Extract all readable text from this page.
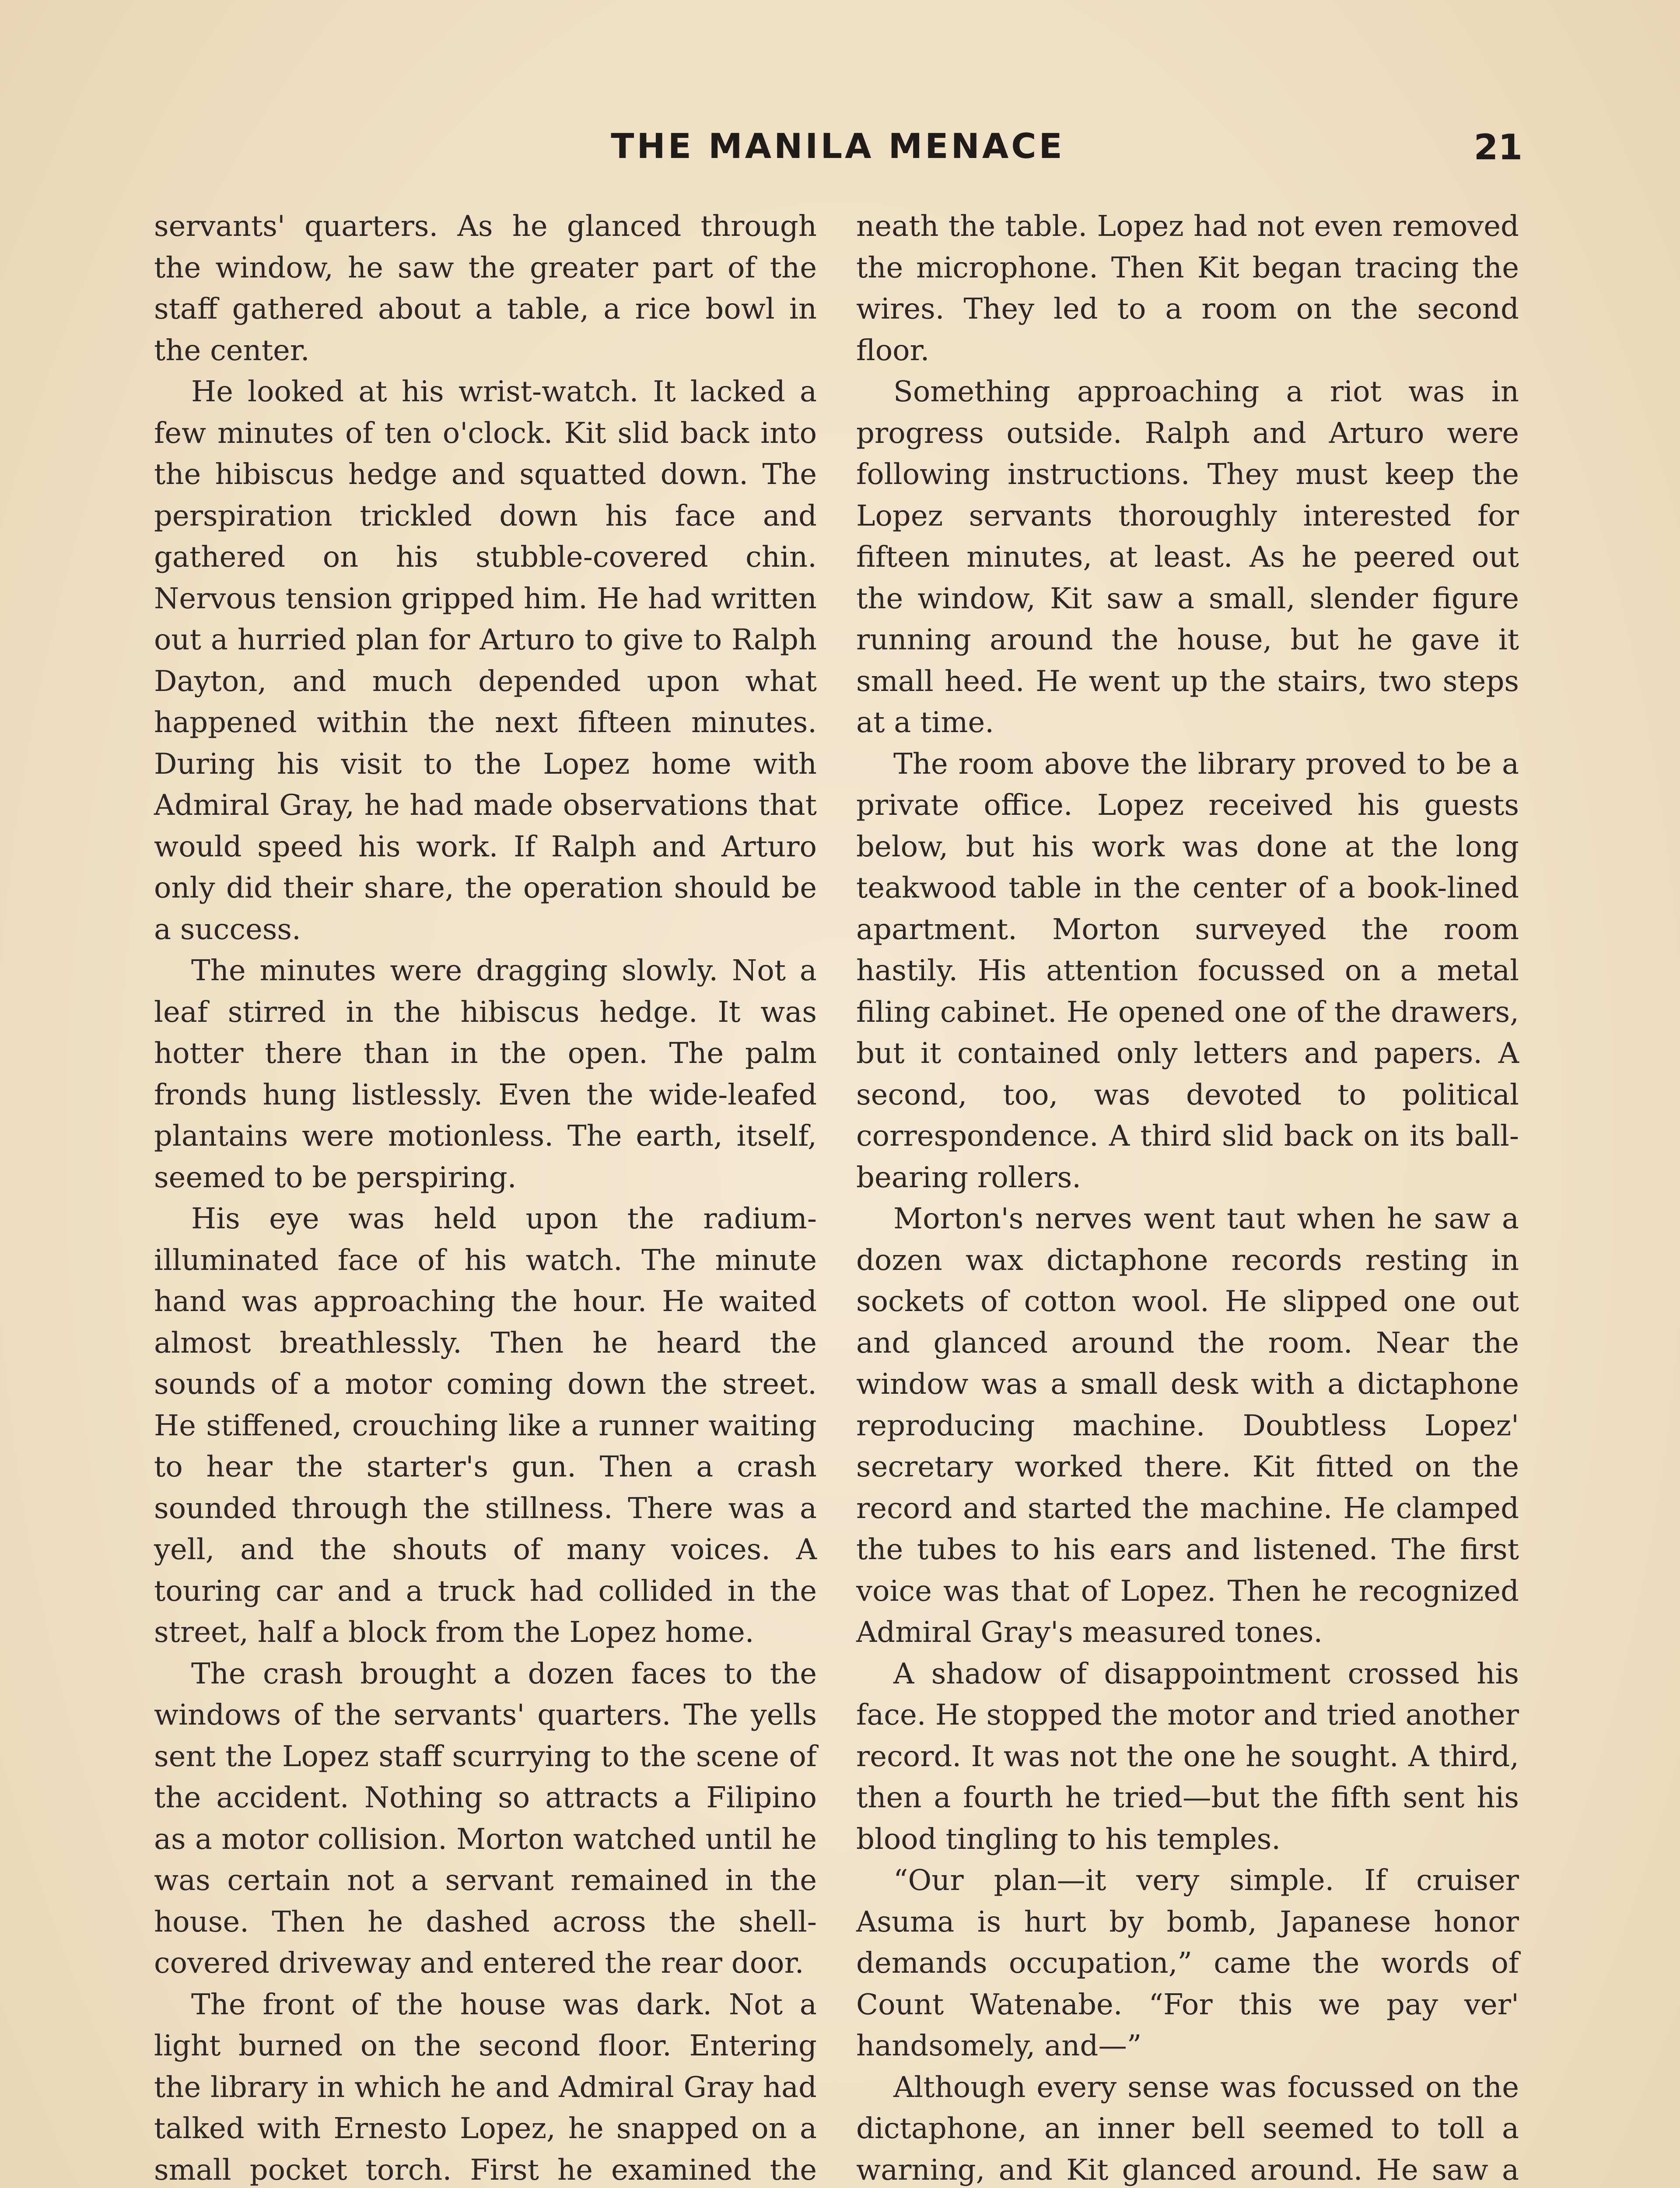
THE MANILA MENACE	21

servants' quarters. As he glanced through the window, he saw the greater part of the staff gathered about a table, a rice bowl in the center.

He looked at his wrist-watch. It lacked a few minutes of ten o'clock. Kit slid back into the hibiscus hedge and squatted down. The perspiration trickled down his face and gathered on his stubble-covered chin. Nervous tension gripped him. He had written out a hurried plan for Arturo to give to Ralph Dayton, and much depended upon what happened within the next fifteen minutes. During his visit to the Lopez home with Admiral Gray, he had made observations that would speed his work. If Ralph and Arturo only did their share, the operation should be a success.

The minutes were dragging slowly. Not a leaf stirred in the hibiscus hedge. It was hotter there than in the open. The palm fronds hung listlessly. Even the wide-leafed plantains were motionless. The earth, itself, seemed to be perspiring.

His eye was held upon the radium-illuminated face of his watch. The minute hand was approaching the hour. He waited almost breathlessly. Then he heard the sounds of a motor coming down the street. He stiffened, crouching like a runner waiting to hear the starter's gun. Then a crash sounded through the stillness. There was a yell, and the shouts of many voices. A touring car and a truck had collided in the street, half a block from the Lopez home.

The crash brought a dozen faces to the windows of the servants' quarters. The yells sent the Lopez staff scurrying to the scene of the accident. Nothing so attracts a Filipino as a motor collision. Morton watched until he was certain not a servant remained in the house. Then he dashed across the shell-covered driveway and entered the rear door.

The front of the house was dark. Not a light burned on the second floor. Entering the library in which he and Admiral Gray had talked with Ernesto Lopez, he snapped on a small pocket torch. First he examined the

neath the table. Lopez had not even removed the microphone. Then Kit began tracing the wires. They led to a room on the second floor.

Something approaching a riot was in progress outside. Ralph and Arturo were following instructions. They must keep the Lopez servants thoroughly interested for fifteen minutes, at least. As he peered out the window, Kit saw a small, slender figure running around the house, but he gave it small heed. He went up the stairs, two steps at a time.

The room above the library proved to be a private office. Lopez received his guests below, but his work was done at the long teakwood table in the center of a book-lined apartment. Morton surveyed the room hastily. His attention focussed on a metal filing cabinet. He opened one of the drawers, but it contained only letters and papers. A second, too, was devoted to political correspondence. A third slid back on its ball-bearing rollers.

Morton's nerves went taut when he saw a dozen wax dictaphone records resting in sockets of cotton wool. He slipped one out and glanced around the room. Near the window was a small desk with a dictaphone reproducing machine. Doubtless Lopez' secretary worked there. Kit fitted on the record and started the machine. He clamped the tubes to his ears and listened. The first voice was that of Lopez. Then he recognized Admiral Gray's measured tones.

A shadow of disappointment crossed his face. He stopped the motor and tried another record. It was not the one he sought. A third, then a fourth he tried—but the fifth sent his blood tingling to his temples.

“Our plan—it very simple. If cruiser Asuma is hurt by bomb, Japanese honor demands occupation,” came the words of Count Watenabe. “For this we pay ver' handsomely, and—”

Although every sense was focussed on the dictaphone, an inner bell seemed to toll a warning, and Kit glanced around. He saw a
